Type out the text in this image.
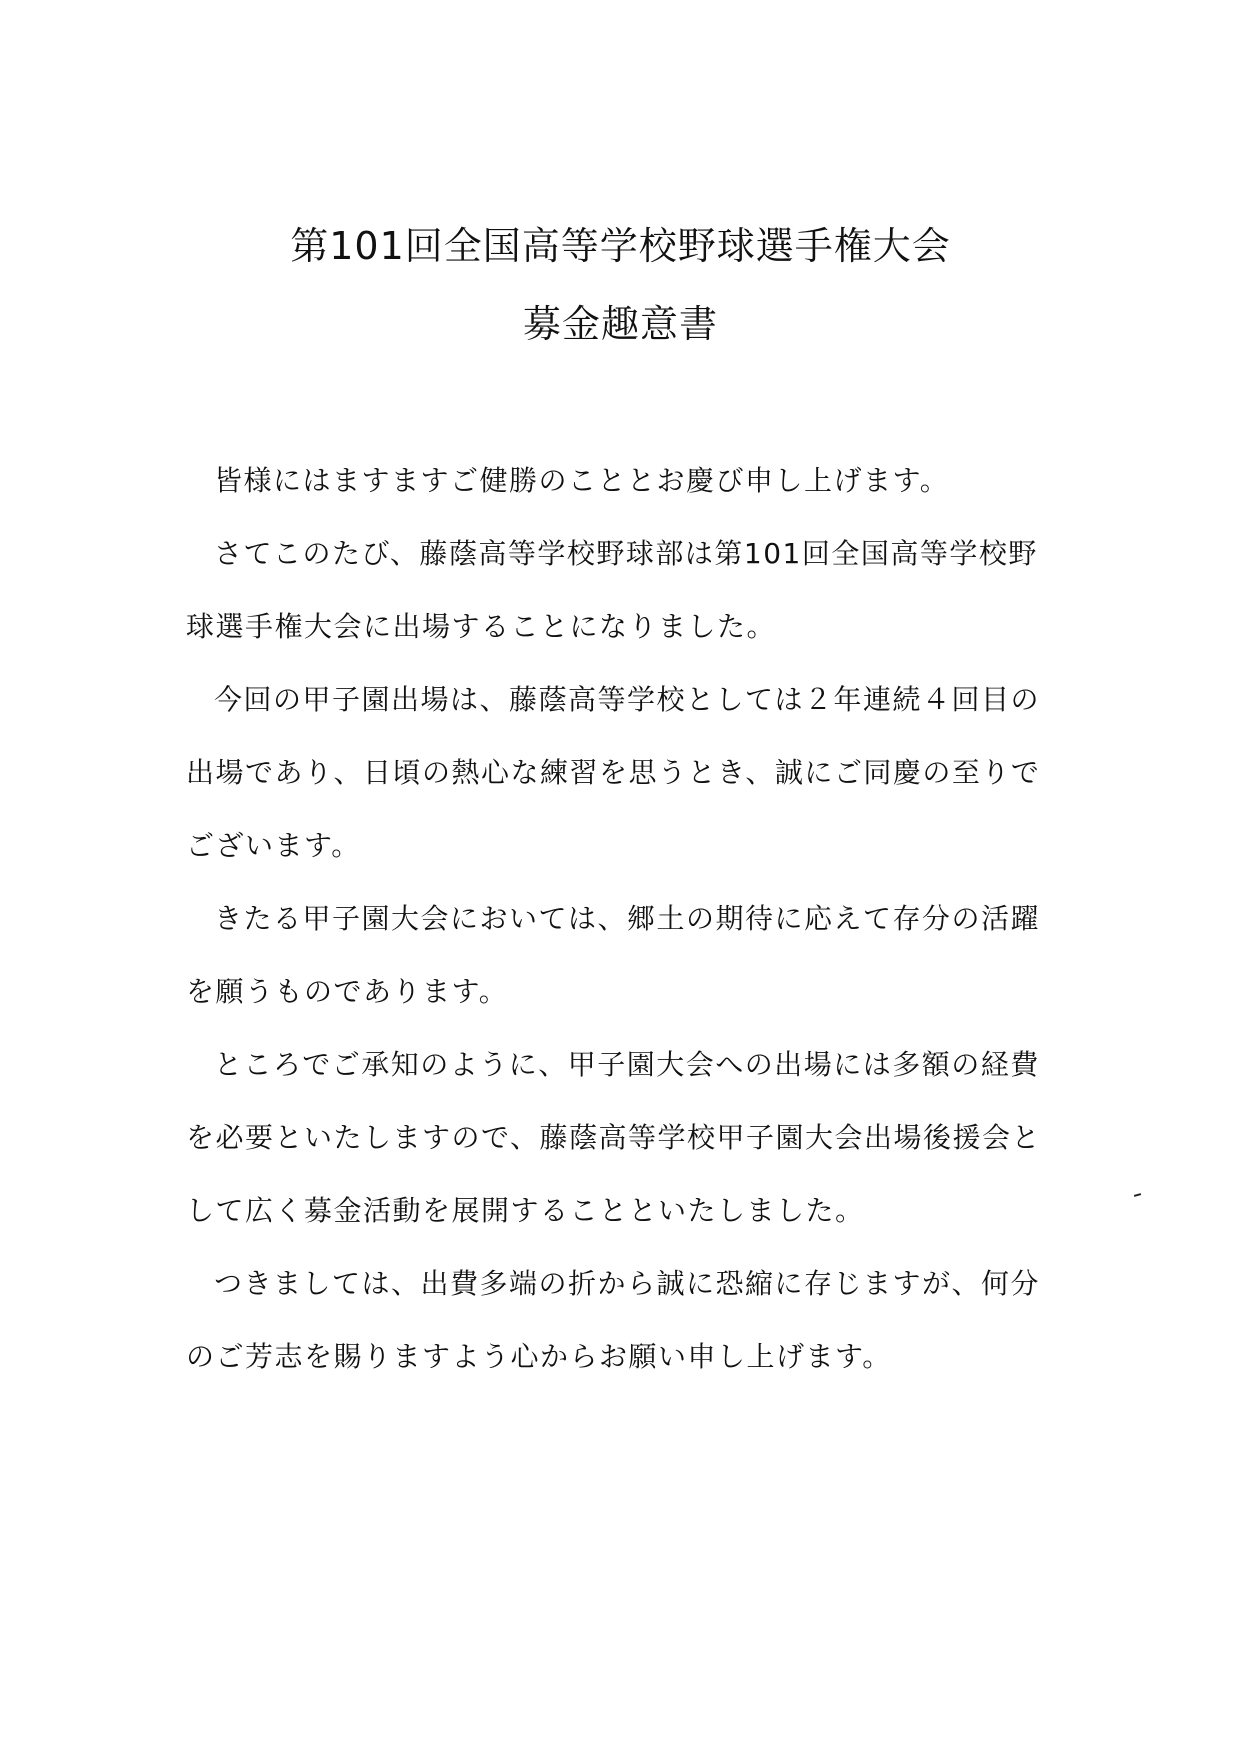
第101回全国高等学校野球選手権大会
募金趣意書

皆様にはますますご健勝のこととお慶び申し上げます。

さてこのたび、藤蔭高等学校野球部は第101回全国高等学校野球選手権大会に出場することになりました。

今回の甲子園出場は、藤蔭高等学校としては２年連続４回目の出場であり、日頃の熱心な練習を思うとき、誠にご同慶の至りでございます。

きたる甲子園大会においては、郷土の期待に応えて存分の活躍を願うものであります。

ところでご承知のように、甲子園大会への出場には多額の経費を必要といたしますので、藤蔭高等学校甲子園大会出場後援会として広く募金活動を展開することといたしました。

つきましては、出費多端の折から誠に恐縮に存じますが、何分のご芳志を賜りますよう心からお願い申し上げます。
